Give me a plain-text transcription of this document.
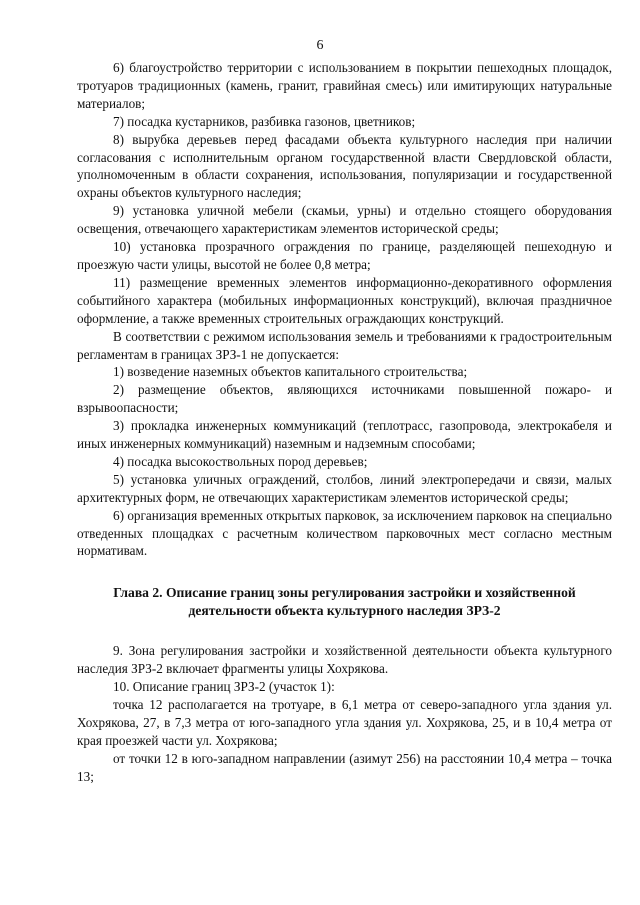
6

6) благоустройство территории с использованием в покрытии пешеходных площадок, тротуаров традиционных (камень, гранит, гравийная смесь) или имитирующих натуральные материалов;

7) посадка кустарников, разбивка газонов, цветников;

8) вырубка деревьев перед фасадами объекта культурного наследия при наличии согласования с исполнительным органом государственной власти Свердловской области, уполномоченным в области сохранения, использования, популяризации и государственной охраны объектов культурного наследия;

9) установка уличной мебели (скамьи, урны) и отдельно стоящего оборудования освещения, отвечающего характеристикам элементов исторической среды;

10) установка прозрачного ограждения по границе, разделяющей пешеходную и проезжую части улицы, высотой не более 0,8 метра;

11) размещение временных элементов информационно-декоративного оформления событийного характера (мобильных информационных конструкций), включая праздничное оформление, а также временных строительных ограждающих конструкций.

В соответствии с режимом использования земель и требованиями к градостроительным регламентам в границах ЗРЗ-1 не допускается:

1) возведение наземных объектов капитального строительства;

2) размещение объектов, являющихся источниками повышенной пожаро- и взрывоопасности;

3) прокладка инженерных коммуникаций (теплотрасс, газопровода, электрокабеля и иных инженерных коммуникаций) наземным и надземным способами;

4) посадка высокоствольных пород деревьев;

5) установка уличных ограждений, столбов, линий электропередачи и связи, малых архитектурных форм, не отвечающих характеристикам элементов исторической среды;

6) организация временных открытых парковок, за исключением парковок на специально отведенных площадках с расчетным количеством парковочных мест согласно местным нормативам.

Глава 2. Описание границ зоны регулирования застройки и хозяйственной деятельности объекта культурного наследия ЗРЗ-2

9. Зона регулирования застройки и хозяйственной деятельности объекта культурного наследия ЗРЗ-2 включает фрагменты улицы Хохрякова.

10. Описание границ ЗРЗ-2 (участок 1):

точка 12 располагается на тротуаре, в 6,1 метра от северо-западного угла здания ул. Хохрякова, 27, в 7,3 метра от юго-западного угла здания ул. Хохрякова, 25, и в 10,4 метра от края проезжей части ул. Хохрякова;

от точки 12 в юго-западном направлении (азимут 256) на расстоянии 10,4 метра – точка 13;
